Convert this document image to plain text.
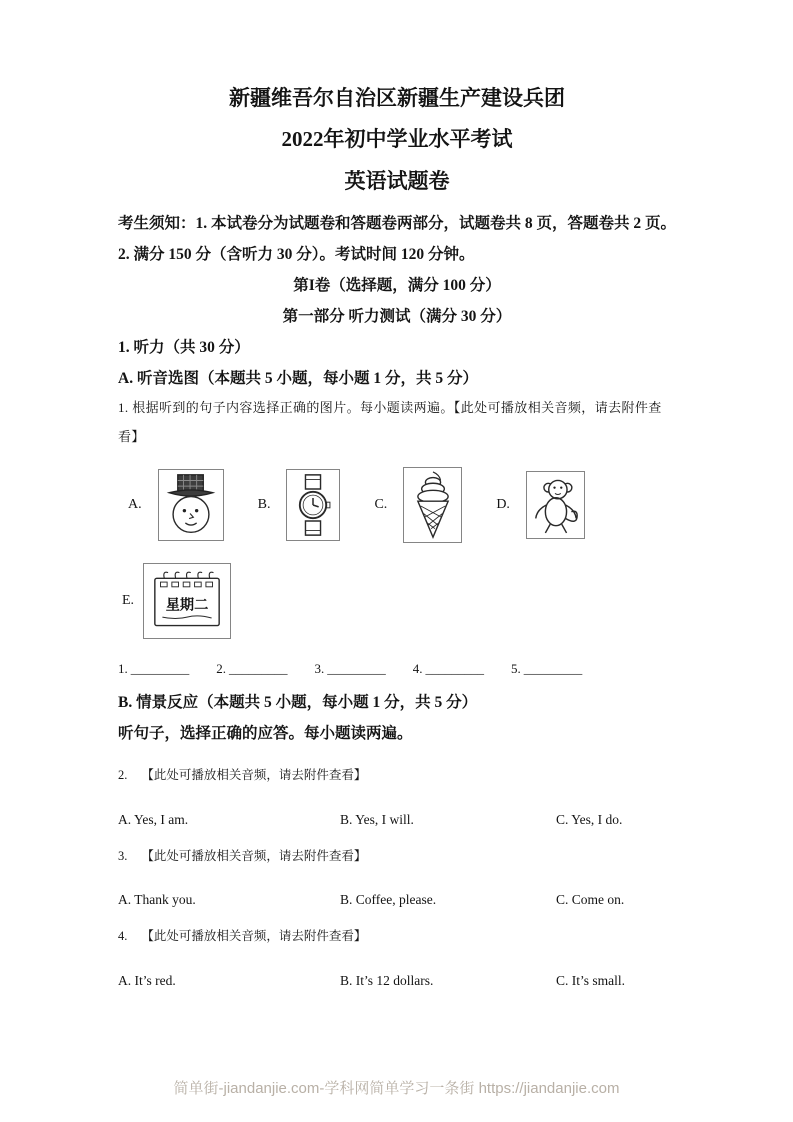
新疆维吾尔自治区新疆生产建设兵团
2022年初中学业水平考试
英语试题卷

考生须知：1. 本试卷分为试题卷和答题卷两部分，试题卷共 8 页，答题卷共 2 页。

2. 满分 150 分（含听力 30 分）。考试时间 120 分钟。

第I卷（选择题，满分 100 分）

第一部分 听力测试（满分 30 分）

1. 听力（共 30 分）

A. 听音选图（本题共 5 小题，每小题 1 分，共 5 分）

1. 根据听到的句子内容选择正确的图片。每小题读两遍。【此处可播放相关音频，请去附件查看】

A.	B.	C.	D.
E. 星期二
1. _________ 2. _________ 3. _________ 4. _________ 5. _________

B. 情景反应（本题共 5 小题，每小题 1 分，共 5 分）

听句子，选择正确的应答。每小题读两遍。

2. 【此处可播放相关音频，请去附件查看】

A. Yes, I am.	B. Yes, I will.	C. Yes, I do.

3. 【此处可播放相关音频，请去附件查看】

A. Thank you.	B. Coffee, please.	C. Come on.

4. 【此处可播放相关音频，请去附件查看】

A. It’s red.	B. It’s 12 dollars.	C. It’s small.
简单街-jiandanjie.com-学科网简单学习一条街 https://jiandanjie.com
